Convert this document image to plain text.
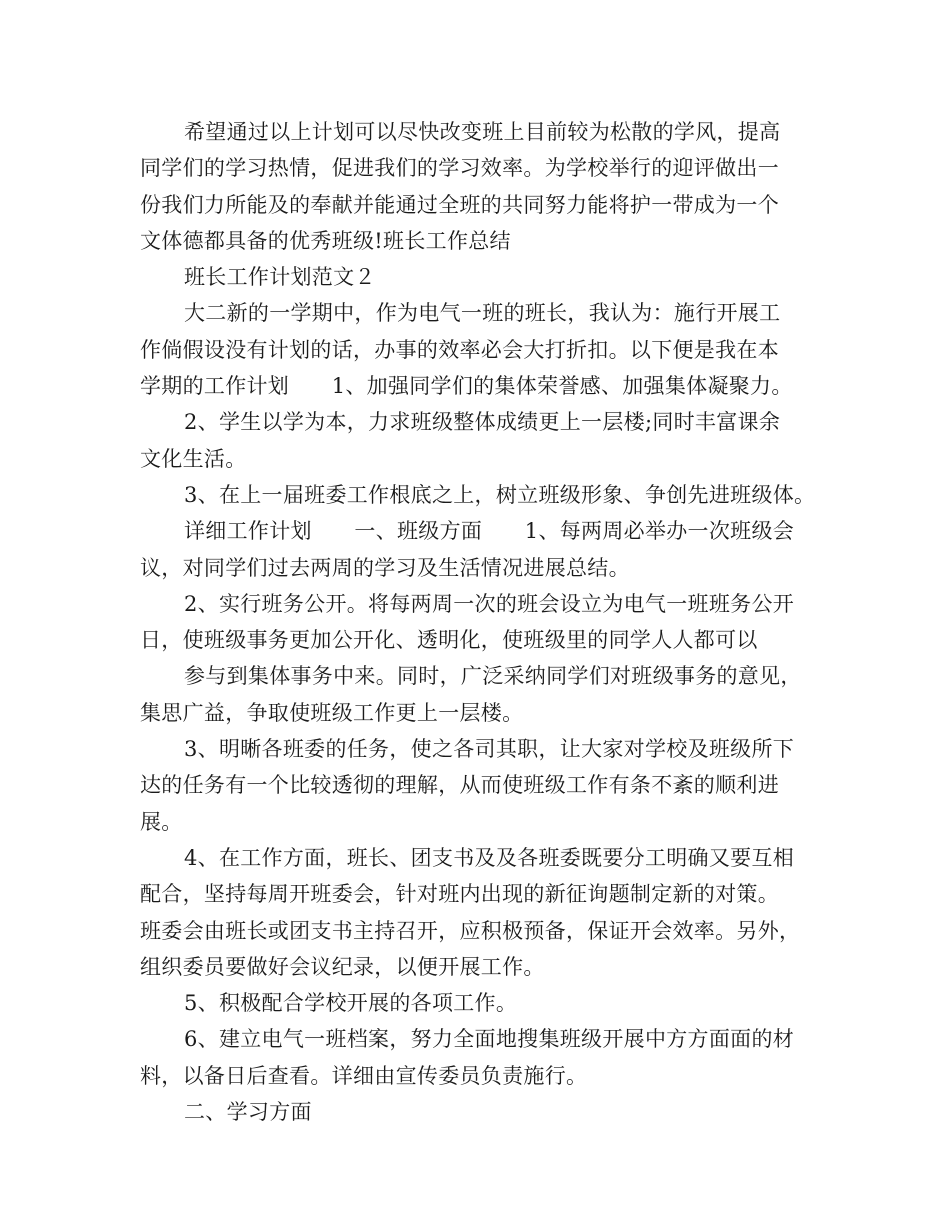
希望通过以上计划可以尽快改变班上目前较为松散的学风，提高
同学们的学习热情，促进我们的学习效率。为学校举行的迎评做出一
份我们力所能及的奉献并能通过全班的共同努力能将护一带成为一个
文体德都具备的优秀班级!班长工作总结
班长工作计划范文２
大二新的一学期中，作为电气一班的班长，我认为：施行开展工
作倘假设没有计划的话，办事的效率必会大打折扣。以下便是我在本
学期的工作计划　　1、加强同学们的集体荣誉感、加强集体凝聚力。
2、学生以学为本，力求班级整体成绩更上一层楼;同时丰富课余
文化生活。
3、在上一届班委工作根底之上，树立班级形象、争创先进班级体。
详细工作计划　　一、班级方面　　1、每两周必举办一次班级会
议，对同学们过去两周的学习及生活情况进展总结。
2、实行班务公开。将每两周一次的班会设立为电气一班班务公开
日，使班级事务更加公开化、透明化，使班级里的同学人人都可以
参与到集体事务中来。同时，广泛采纳同学们对班级事务的意见，
集思广益，争取使班级工作更上一层楼。
3、明晰各班委的任务，使之各司其职，让大家对学校及班级所下
达的任务有一个比较透彻的理解，从而使班级工作有条不紊的顺利进
展。
4、在工作方面，班长、团支书及及各班委既要分工明确又要互相
配合，坚持每周开班委会，针对班内出现的新征询题制定新的对策。
班委会由班长或团支书主持召开，应积极预备，保证开会效率。另外，
组织委员要做好会议纪录，以便开展工作。
5、积极配合学校开展的各项工作。
6、建立电气一班档案，努力全面地搜集班级开展中方方面面的材
料，以备日后查看。详细由宣传委员负责施行。
二、学习方面
